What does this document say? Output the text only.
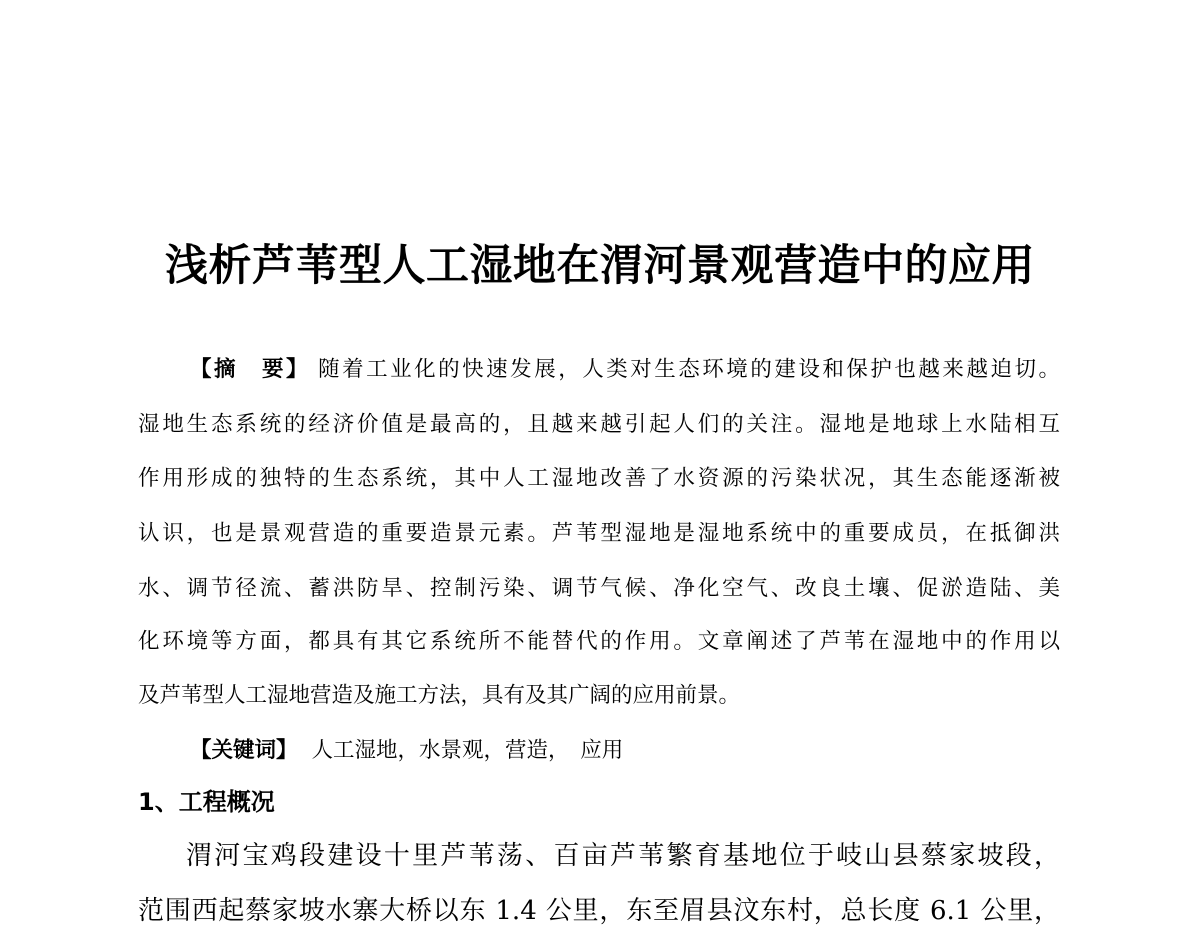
浅析芦苇型人工湿地在渭河景观营造中的应用

【摘　要】 随着工业化的快速发展，人类对生态环境的建设和保护也越来越迫切。

湿地生态系统的经济价值是最高的，且越来越引起人们的关注。湿地是地球上水陆相互

作用形成的独特的生态系统，其中人工湿地改善了水资源的污染状况，其生态能逐渐被

认识，也是景观营造的重要造景元素。芦苇型湿地是湿地系统中的重要成员，在抵御洪

水、调节径流、蓄洪防旱、控制污染、调节气候、净化空气、改良土壤、促淤造陆、美

化环境等方面，都具有其它系统所不能替代的作用。文章阐述了芦苇在湿地中的作用以

及芦苇型人工湿地营造及施工方法，具有及其广阔的应用前景。

【关键词】 人工湿地，水景观，营造，　应用

1、工程概况

渭河宝鸡段建设十里芦苇荡、百亩芦苇繁育基地位于岐山县蔡家坡段，

范围西起蔡家坡水寨大桥以东 1.4 公里，东至眉县汶东村，总长度 6.1 公里，
